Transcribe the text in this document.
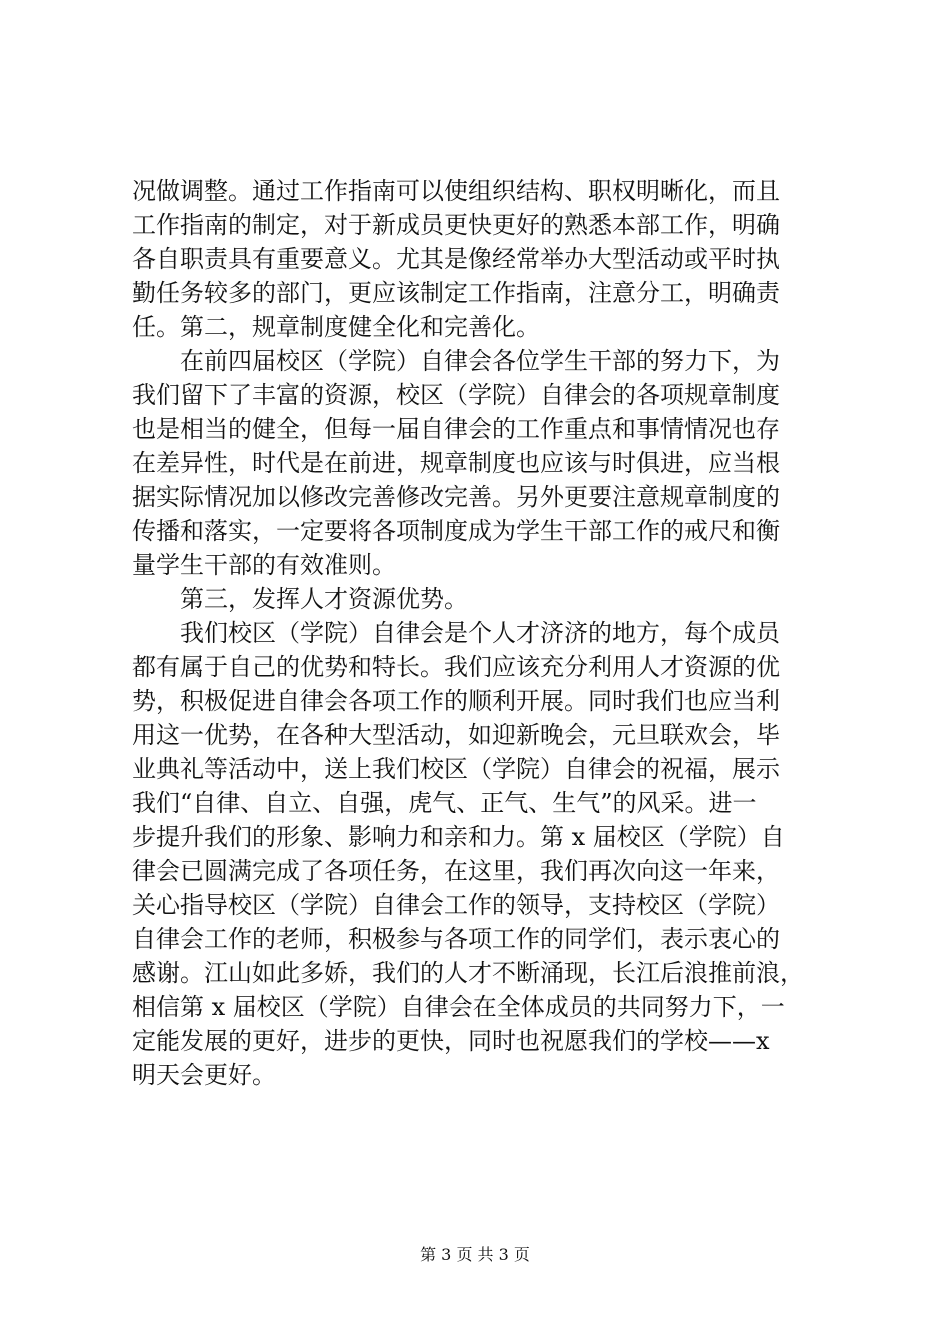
况做调整。通过工作指南可以使组织结构、职权明晰化，而且
工作指南的制定，对于新成员更快更好的熟悉本部工作，明确
各自职责具有重要意义。尤其是像经常举办大型活动或平时执
勤任务较多的部门，更应该制定工作指南，注意分工，明确责
任。第二，规章制度健全化和完善化。
在前四届校区（学院）自律会各位学生干部的努力下，为
我们留下了丰富的资源，校区（学院）自律会的各项规章制度
也是相当的健全，但每一届自律会的工作重点和事情情况也存
在差异性，时代是在前进，规章制度也应该与时俱进，应当根
据实际情况加以修改完善修改完善。另外更要注意规章制度的
传播和落实，一定要将各项制度成为学生干部工作的戒尺和衡
量学生干部的有效准则。
第三，发挥人才资源优势。
我们校区（学院）自律会是个人才济济的地方，每个成员
都有属于自己的优势和特长。我们应该充分利用人才资源的优
势，积极促进自律会各项工作的顺利开展。同时我们也应当利
用这一优势，在各种大型活动，如迎新晚会，元旦联欢会，毕
业典礼等活动中，送上我们校区（学院）自律会的祝福，展示
我们“自律、自立、自强，虎气、正气、生气”的风采。进一
步提升我们的形象、影响力和亲和力。第 x 届校区（学院）自
律会已圆满完成了各项任务，在这里，我们再次向这一年来，
关心指导校区（学院）自律会工作的领导，支持校区（学院）
自律会工作的老师，积极参与各项工作的同学们，表示衷心的
感谢。江山如此多娇，我们的人才不断涌现，长江后浪推前浪，
相信第 x 届校区（学院）自律会在全体成员的共同努力下，一
定能发展的更好，进步的更快，同时也祝愿我们的学校——x
明天会更好。
第 3 页 共 3 页
